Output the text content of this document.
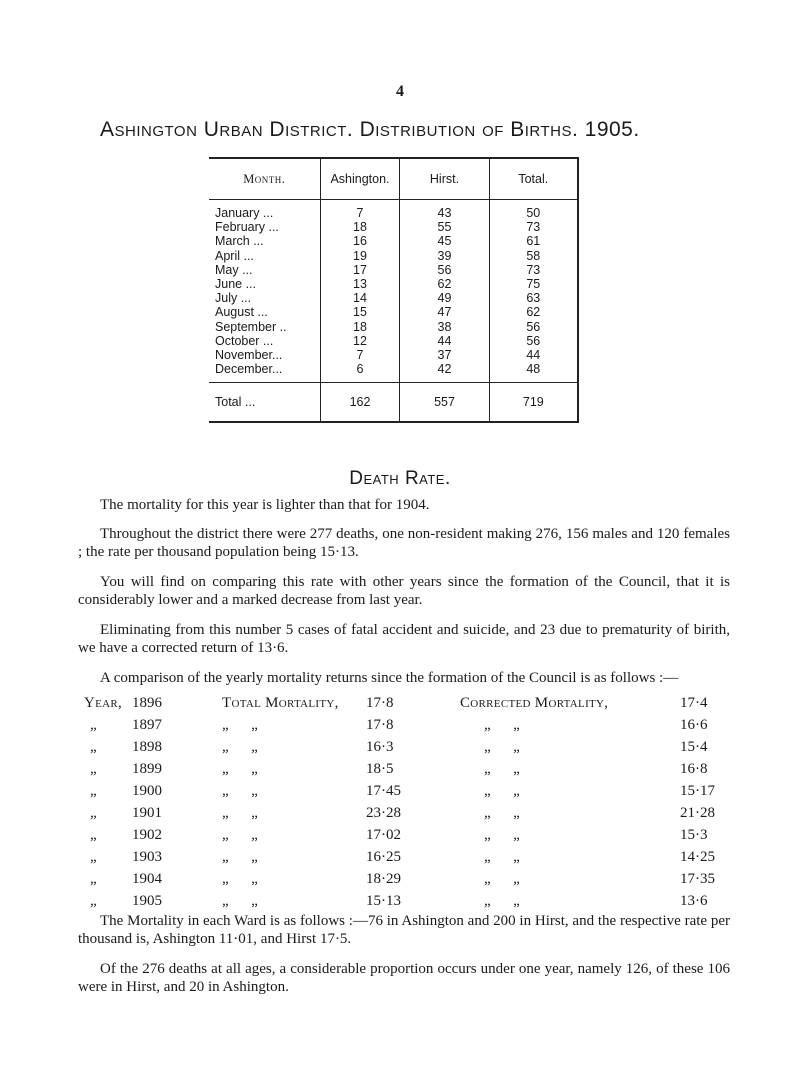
4
Ashington Urban District. Distribution of Births. 1905.
Month.	Ashington.	Hirst.	Total.
January ...	7	43	50
February ...	18	55	73
March ...	16	45	61
April ...	19	39	58
May ...	17	56	73
June ...	13	62	75
July ...	14	49	63
August ...	15	47	62
September ..	18	38	56
October ...	12	44	56
November...	7	37	44
December...	6	42	48
Total ...	162	557	719
Death Rate.

The mortality for this year is lighter than that for 1904.

Throughout the district there were 277 deaths, one non-resident making 276, 156 males and 120 females ; the rate per thousand population being 15·13.

You will find on comparing this rate with other years since the formation of the Council, that it is considerably lower and a marked decrease from last year.

Eliminating from this number 5 cases of fatal accident and suicide, and 23 due to prematurity of birith, we have a corrected return of 13·6.

A comparison of the yearly mortality returns since the formation of the Council is as follows :—

Year, 1896	Total Mortality, 17·8	Corrected Mortality,	17·4
„ 1897	„      „	17·8	„      „	16·6
„ 1898	„      „	16·3	„      „	15·4
„ 1899	„      „	18·5	„      „	16·8
„ 1900	„      „	17·45	„      „	15·17
„ 1901	„      „	23·28	„      „	21·28
„ 1902	„      „	17·02	„      „	15·3
„ 1903	„      „	16·25	„      „	14·25
„ 1904	„      „	18·29	„      „	17·35
„ 1905	„      „	15·13	„      „	13·6

The Mortality in each Ward is as follows :—76 in Ashington and 200 in Hirst, and the respective rate per thousand is, Ashington 11·01, and Hirst 17·5.

Of the 276 deaths at all ages, a considerable proportion occurs under one year, namely 126, of these 106 were in Hirst, and 20 in Ashington.
